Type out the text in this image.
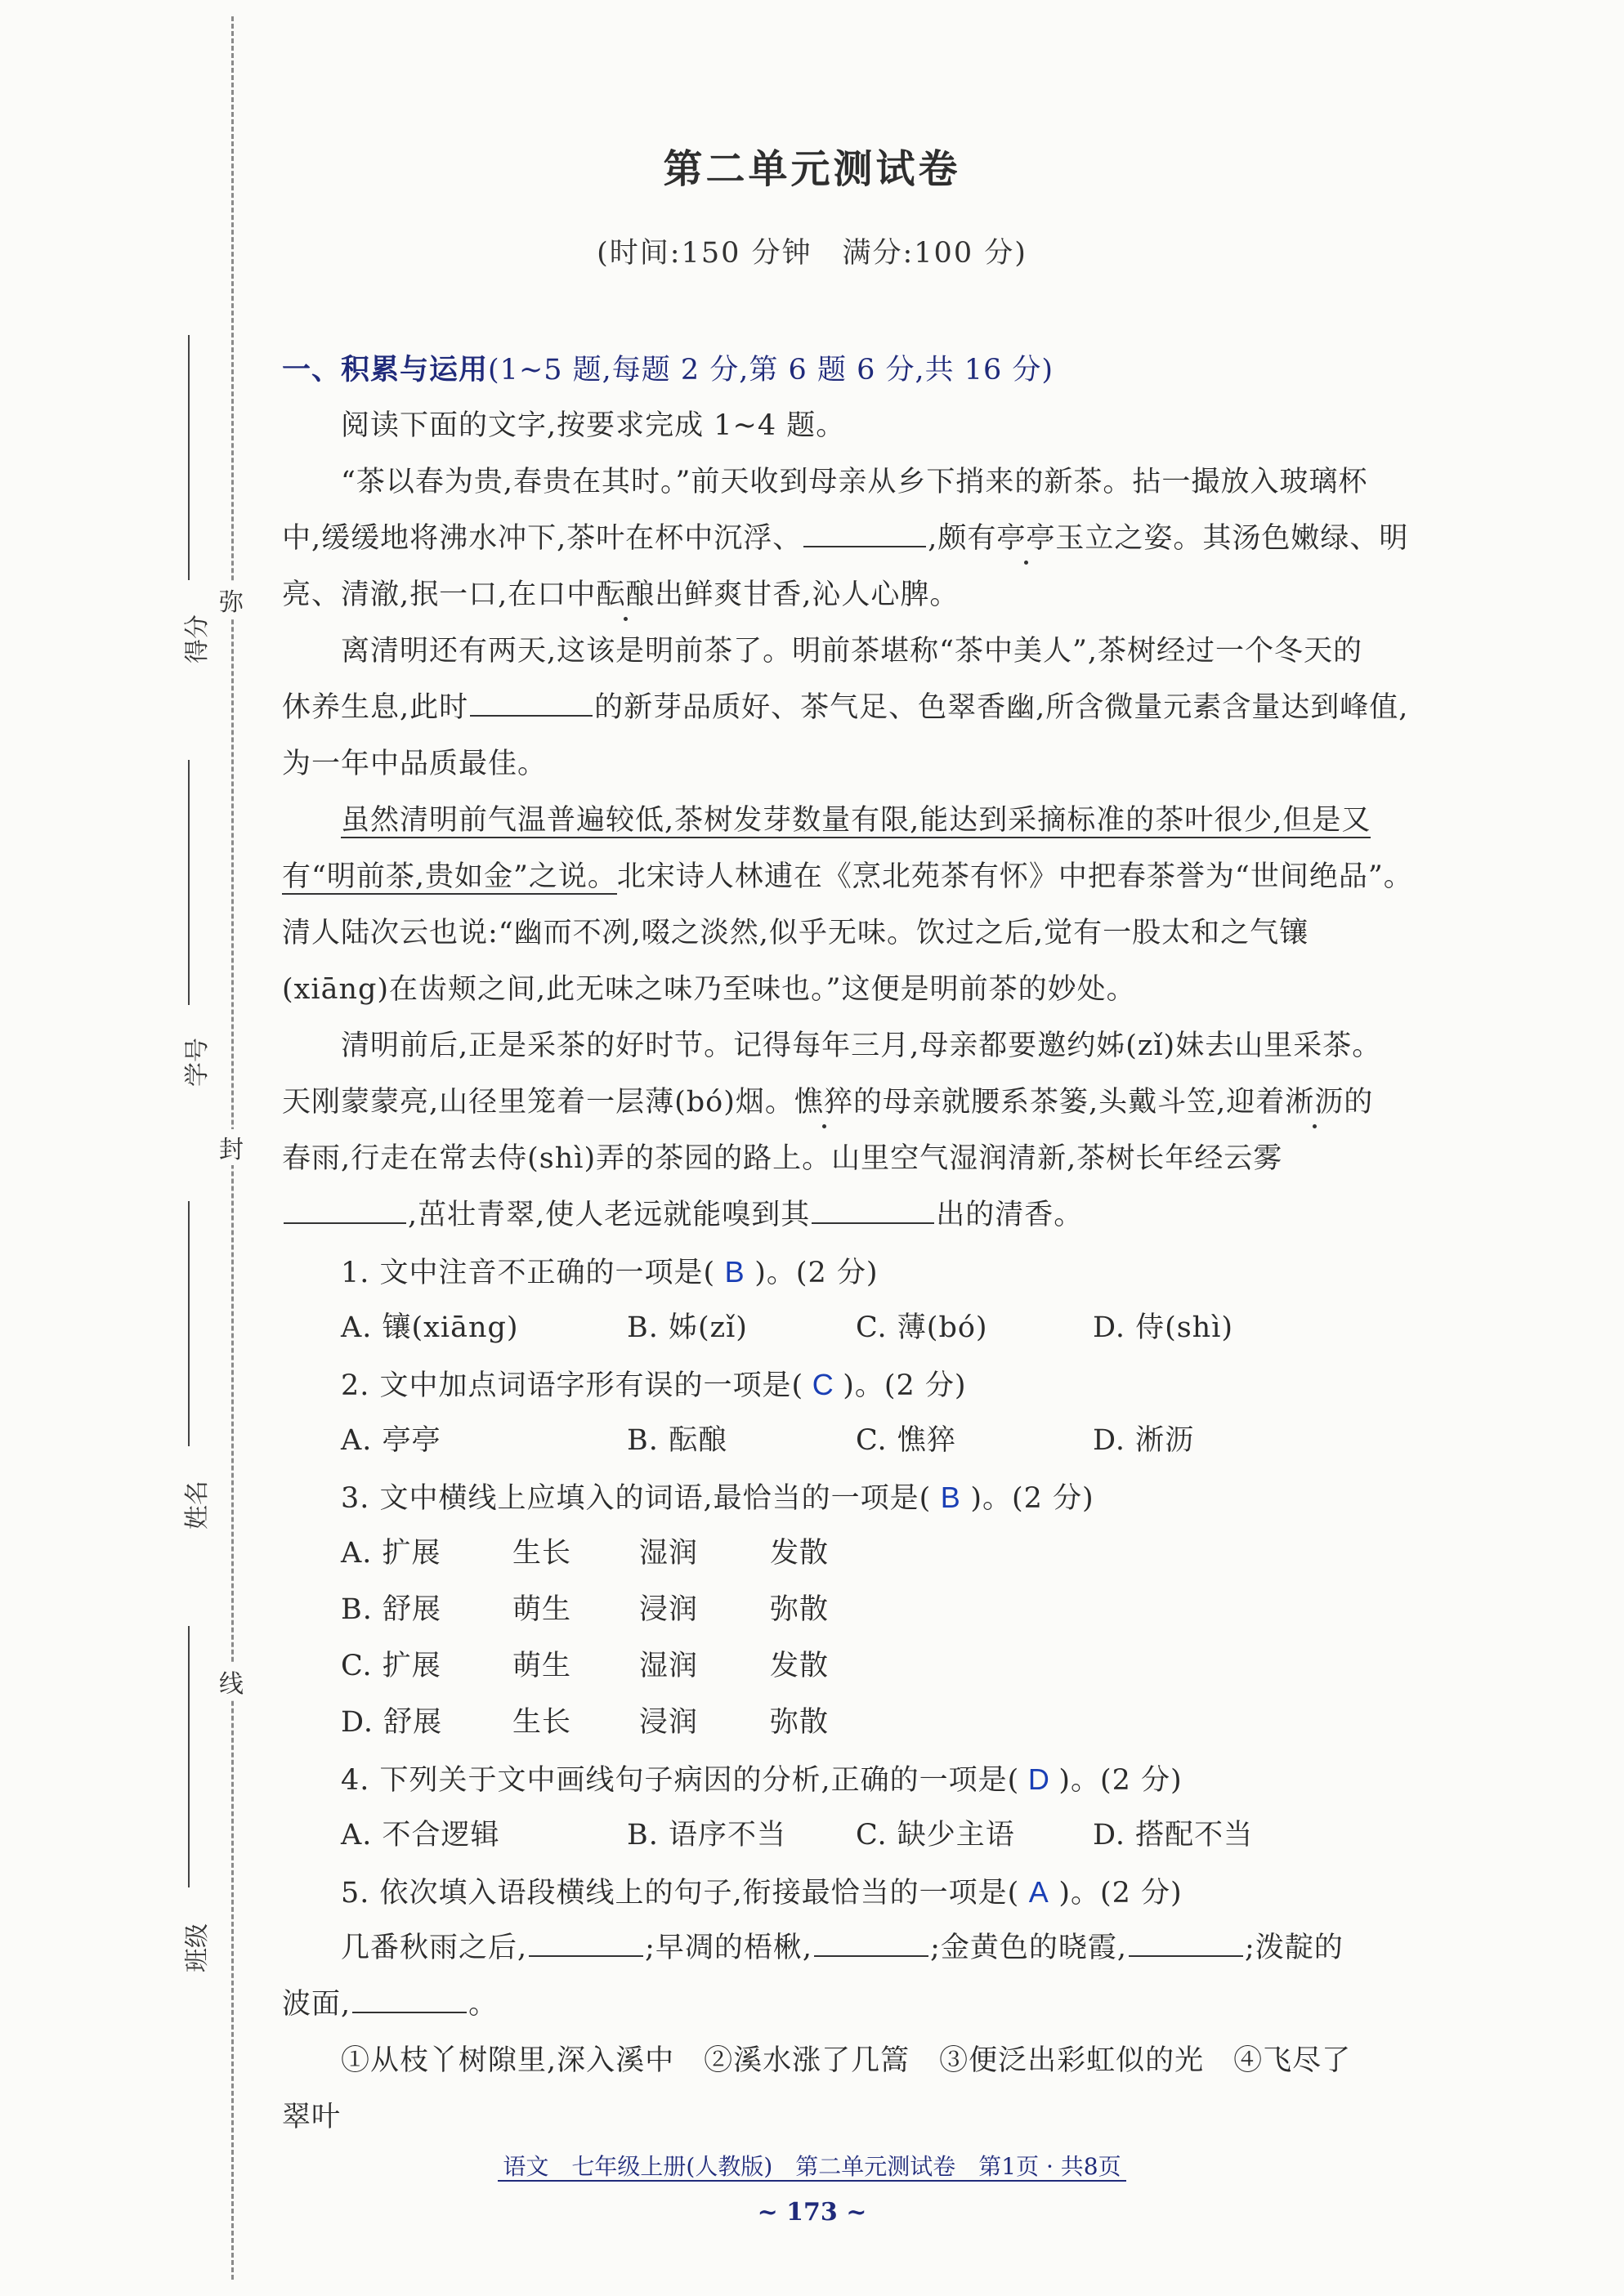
弥
封
线
得分
学号
姓名
班级
第二单元测试卷
(时间:150 分钟　满分:100 分)
一、积累与运用(1~5 题,每题 2 分,第 6 题 6 分,共 16 分)
阅读下面的文字,按要求完成 1~4 题。
“茶以春为贵,春贵在其时。”前天收到母亲从乡下捎来的新茶。拈一撮放入玻璃杯
中,缓缓地将沸水冲下,茶叶在杯中沉浮、	,颇有亭亭玉立之姿。其汤色嫩绿、明
亮、清澈,抿一口,在口中酝酿出鲜爽甘香,沁人心脾。
离清明还有两天,这该是明前茶了。明前茶堪称“茶中美人”,茶树经过一个冬天的
休养生息,此时	的新芽品质好、茶气足、色翠香幽,所含微量元素含量达到峰值,
为一年中品质最佳。
虽然清明前气温普遍较低,茶树发芽数量有限,能达到采摘标准的茶叶很少,但是又
有“明前茶,贵如金”之说。北宋诗人林逋在《烹北苑茶有怀》中把春茶誉为“世间绝品”。
清人陆次云也说:“幽而不冽,啜之淡然,似乎无味。饮过之后,觉有一股太和之气镶
(xiāng)在齿颊之间,此无味之味乃至味也。”这便是明前茶的妙处。
清明前后,正是采茶的好时节。记得每年三月,母亲都要邀约姊(zǐ)妹去山里采茶。
天刚蒙蒙亮,山径里笼着一层薄(bó)烟。憔猝的母亲就腰系茶篓,头戴斗笠,迎着淅沥的
春雨,行走在常去侍(shì)弄的茶园的路上。山里空气湿润清新,茶树长年经云雾
,茁壮青翠,使人老远就能嗅到其	出的清香。
1. 文中注音不正确的一项是( B )。(2 分)
A. 镶(xiāng)	B. 姊(zǐ)	C. 薄(bó)	D. 侍(shì)
2. 文中加点词语字形有误的一项是( C )。(2 分)
A. 亭亭	B. 酝酿	C. 憔猝	D. 淅沥
3. 文中横线上应填入的词语,最恰当的一项是( B )。(2 分)
A. 扩展 生长 湿润	发散
B. 舒展 萌生 浸润	弥散
C. 扩展 萌生 湿润	发散
D. 舒展 生长 浸润	弥散
4. 下列关于文中画线句子病因的分析,正确的一项是( D )。(2 分)
A. 不合逻辑	B. 语序不当 C. 缺少主语	D. 搭配不当
5. 依次填入语段横线上的句子,衔接最恰当的一项是( A )。(2 分)
几番秋雨之后,	;早凋的梧楸,	;金黄色的晓霞,	;泼靛的
波面,	。
①从枝丫树隙里,深入溪中　②溪水涨了几篙　③便泛出彩虹似的光　④飞尽了
翠叶
语文　七年级上册(人教版)　第二单元测试卷　第1页 · 共8页
~ 173 ~
